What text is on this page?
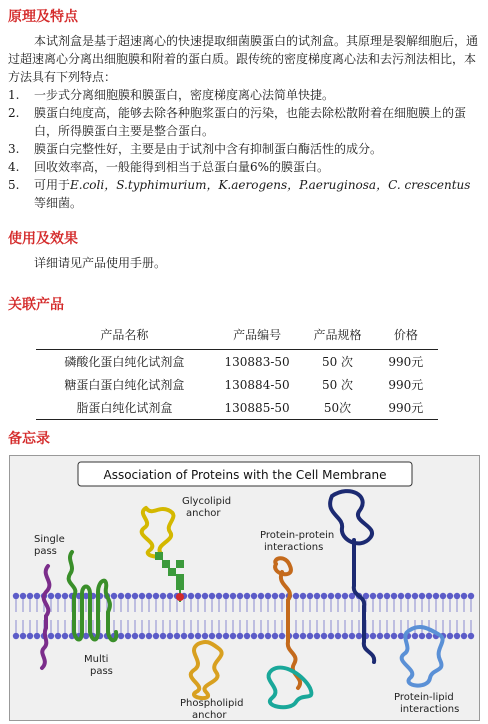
原理及特点

本试剂盒是基于超速离心的快速提取细菌膜蛋白的试剂盒。其原理是裂解细胞后，通过超速离心分离出细胞膜和附着的蛋白质。跟传统的密度梯度离心法和去污剂法相比，本方法具有下列特点：

1. 一步式分离细胞膜和膜蛋白，密度梯度离心法简单快捷。
2. 膜蛋白纯度高，能够去除各种胞浆蛋白的污染，也能去除松散附着在细胞膜上的蛋白，所得膜蛋白主要是整合蛋白。
3. 膜蛋白完整性好，主要是由于试剂中含有抑制蛋白酶活性的成分。
4. 回收效率高，一般能得到相当于总蛋白量6%的膜蛋白。
5. 可用于E.coli，S.typhimurium，K.aerogens，P.aeruginosa，C. crescentus等细菌。
使用及效果

详细请见产品使用手册。

关联产品
产品名称	产品编号	产品规格	价格
磷酸化蛋白纯化试剂盒	130883-50	50 次	990元
糖蛋白蛋白纯化试剂盒	130884-50	50 次	990元
脂蛋白纯化试剂盒	130885-50	50次	990元
备忘录
Association of Proteins with the Cell Membrane
Single
pass
Glycolipid
anchor
Protein-protein
interactions
Multi
pass
Phospholipid
anchor
Protein-lipid
interactions
